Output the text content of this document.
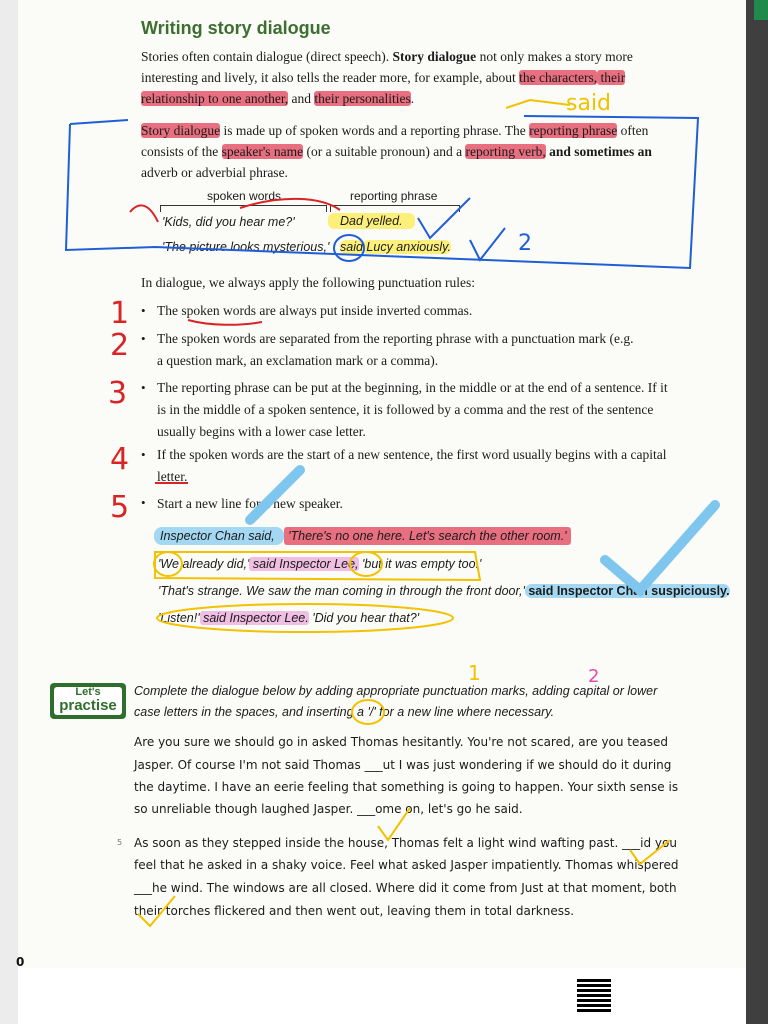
Writing story dialogue
Stories often contain dialogue (direct speech). Story dialogue not only makes a story more
interesting and lively, it also tells the reader more, for example, about the characters, their
relationship to one another, and their personalities.
Story dialogue is made up of spoken words and a reporting phrase. The reporting phrase often
consists of the speaker's name (or a suitable pronoun) and a reporting verb, and sometimes an
adverb or adverbial phrase.
spoken words	reporting phrase
'Kids, did you hear me?'	Dad yelled.
'The picture looks mysterious,' said Lucy anxiously.
In dialogue, we always apply the following punctuation rules:
1 • The spoken words are always put inside inverted commas.
2 • The spoken words are separated from the reporting phrase with a punctuation mark (e.g.
a question mark, an exclamation mark or a comma).
3 • The reporting phrase can be put at the beginning, in the middle or at the end of a sentence. If it
is in the middle of a spoken sentence, it is followed by a comma and the rest of the sentence
usually begins with a lower case letter.
4 • If the spoken words are the start of a new sentence, the first word usually begins with a capital
letter.
5 • Start a new line for a new speaker.
Inspector Chan said, 'There's no one here. Let's search the other room.'
'We already did,' said Inspector Lee, 'but it was empty too.'
'That's strange. We saw the man coming in through the front door,' said Inspector Chan suspiciously.
'Listen!' said Inspector Lee. 'Did you hear that?'
Let's
practise
Complete the dialogue below by adding appropriate punctuation marks, adding capital or lower
case letters in the spaces, and inserting a '/' for a new line where necessary.
Are you sure we should go in asked Thomas hesitantly. You're not scared, are you teased
Jasper. Of course I'm not said Thomas ___ut I was just wondering if we should do it during
the daytime. I have an eerie feeling that something is going to happen. Your sixth sense is
so unreliable though laughed Jasper. ___ome on, let's go he said.
5 As soon as they stepped inside the house, Thomas felt a light wind wafting past. ___id you
feel that he asked in a shaky voice. Feel what asked Jasper impatiently. Thomas whispered
___he wind. The windows are all closed. Where did it come from Just at that moment, both
their torches flickered and then went out, leaving them in total darkness.
0
2
said
1	2
